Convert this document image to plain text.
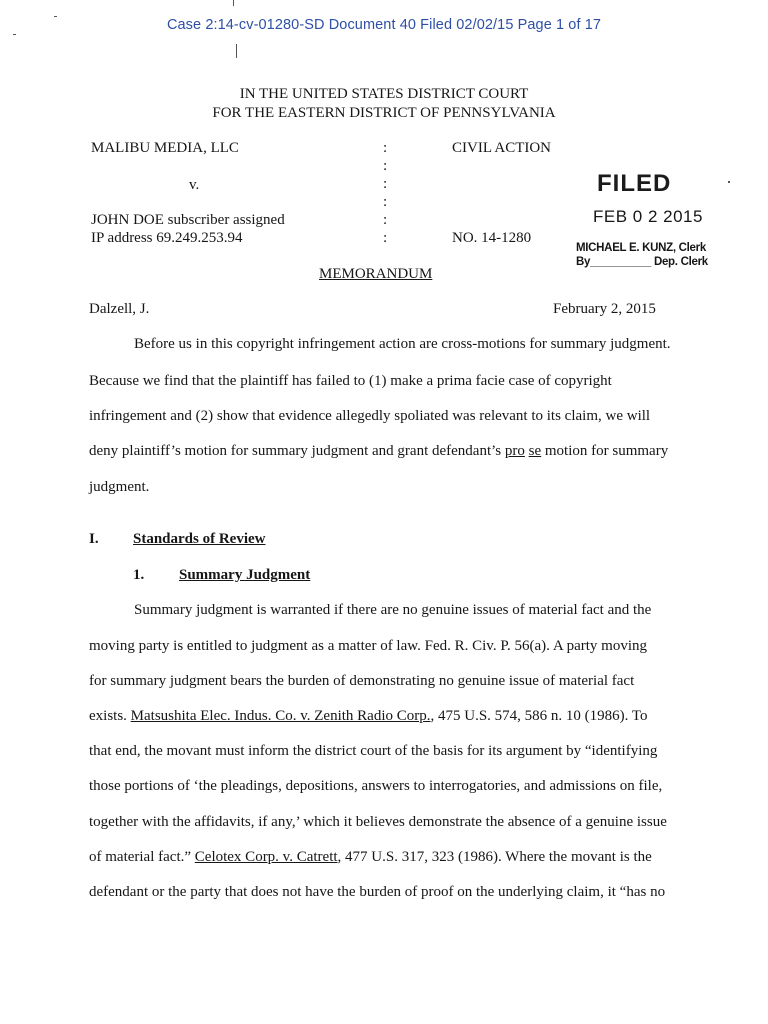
Case 2:14-cv-01280-SD Document 40 Filed 02/02/15 Page 1 of 17
IN THE UNITED STATES DISTRICT COURT
FOR THE EASTERN DISTRICT OF PENNSYLVANIA
MALIBU MEDIA, LLC
v.
JOHN DOE subscriber assigned
IP address 69.249.253.94
:
:
:
:
:
:
CIVIL ACTION
NO. 14-1280
FILED
FEB 0 2 2015
MICHAEL E. KUNZ, Clerk
By__________ Dep. Clerk
MEMORANDUM
Dalzell, J.	February 2, 2015
Before us in this copyright infringement action are cross-motions for summary judgment.
Because we find that the plaintiff has failed to (1) make a prima facie case of copyright
infringement and (2) show that evidence allegedly spoliated was relevant to its claim, we will
deny plaintiff’s motion for summary judgment and grant defendant’s pro se motion for summary
judgment.
I. Standards of Review
1. Summary Judgment
Summary judgment is warranted if there are no genuine issues of material fact and the
moving party is entitled to judgment as a matter of law. Fed. R. Civ. P. 56(a). A party moving
for summary judgment bears the burden of demonstrating no genuine issue of material fact
exists. Matsushita Elec. Indus. Co. v. Zenith Radio Corp., 475 U.S. 574, 586 n. 10 (1986). To
that end, the movant must inform the district court of the basis for its argument by “identifying
those portions of ‘the pleadings, depositions, answers to interrogatories, and admissions on file,
together with the affidavits, if any,’ which it believes demonstrate the absence of a genuine issue
of material fact.” Celotex Corp. v. Catrett, 477 U.S. 317, 323 (1986). Where the movant is the
defendant or the party that does not have the burden of proof on the underlying claim, it “has no
